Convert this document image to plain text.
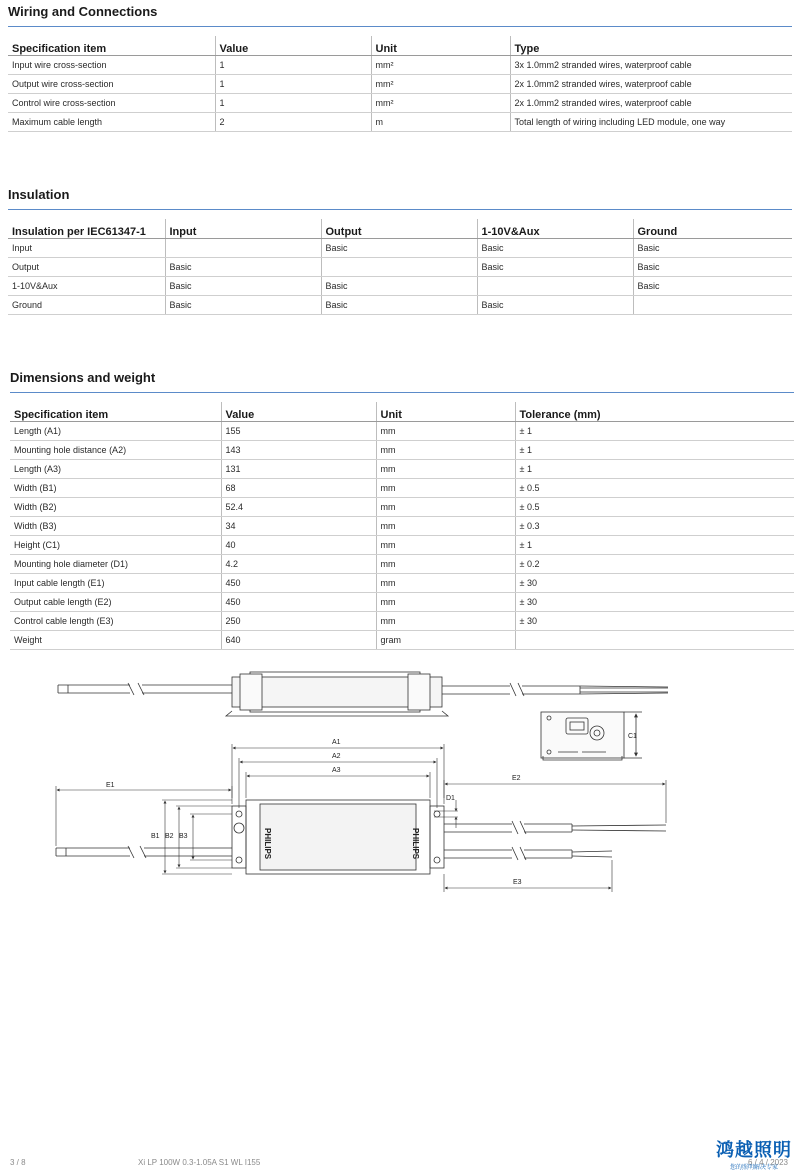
Wiring and Connections
Specification item	Value	Unit	Type
Input wire cross-section	1	mm²	3x 1.0mm2 stranded wires, waterproof cable
Output wire cross-section	1	mm²	2x 1.0mm2 stranded wires, waterproof cable
Control wire cross-section	1	mm²	2x 1.0mm2 stranded wires, waterproof cable
Maximum cable length	2	m	Total length of wiring including LED module, one way
Insulation
Insulation per IEC61347-1	Input	Output	1-10V&Aux	Ground
Input		Basic	Basic	Basic
Output	Basic		Basic	Basic
1-10V&Aux	Basic	Basic		Basic
Ground	Basic	Basic	Basic	
Dimensions and weight
Specification item	Value	Unit	Tolerance (mm)
Length (A1)	155	mm	± 1
Mounting hole distance (A2)	143	mm	± 1
Length (A3)	131	mm	± 1
Width (B1)	68	mm	± 0.5
Width (B2)	52.4	mm	± 0.5
Width (B3)	34	mm	± 0.3
Height (C1)	40	mm	± 1
Mounting hole diameter (D1)	4.2	mm	± 0.2
Input cable length (E1)	450	mm	± 30
Output cable length (E2)	450	mm	± 30
Control cable length (E3)	250	mm	± 30
Weight	640	gram	
C1
PHILIPS	PHILIPS
A1
A2
A3
B1 B2 B3
E1
E2
E3
D1
3 / 8	Xi LP 100W 0.3-1.05A S1 WL I155	6 / 4 / 2023
鸿越照明
您的照明解决专家
